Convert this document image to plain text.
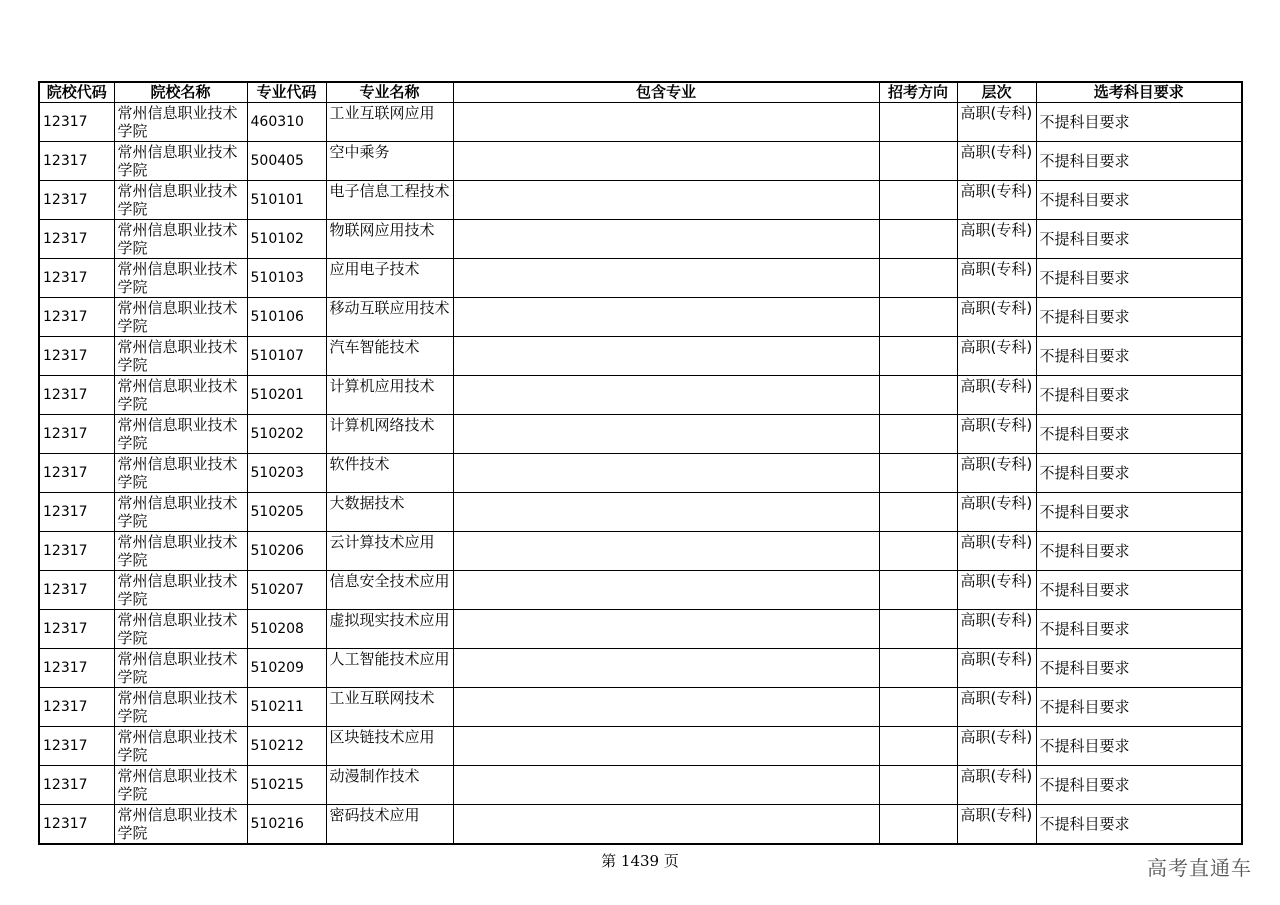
院校代码	院校名称	专业代码	专业名称	包含专业	招考方向	层次	选考科目要求
12317	常州信息职业技术学院	460310	工业互联网应用			高职(专科)	不提科目要求
12317	常州信息职业技术学院	500405	空中乘务			高职(专科)	不提科目要求
12317	常州信息职业技术学院	510101	电子信息工程技术			高职(专科)	不提科目要求
12317	常州信息职业技术学院	510102	物联网应用技术			高职(专科)	不提科目要求
12317	常州信息职业技术学院	510103	应用电子技术			高职(专科)	不提科目要求
12317	常州信息职业技术学院	510106	移动互联应用技术			高职(专科)	不提科目要求
12317	常州信息职业技术学院	510107	汽车智能技术			高职(专科)	不提科目要求
12317	常州信息职业技术学院	510201	计算机应用技术			高职(专科)	不提科目要求
12317	常州信息职业技术学院	510202	计算机网络技术			高职(专科)	不提科目要求
12317	常州信息职业技术学院	510203	软件技术			高职(专科)	不提科目要求
12317	常州信息职业技术学院	510205	大数据技术			高职(专科)	不提科目要求
12317	常州信息职业技术学院	510206	云计算技术应用			高职(专科)	不提科目要求
12317	常州信息职业技术学院	510207	信息安全技术应用			高职(专科)	不提科目要求
12317	常州信息职业技术学院	510208	虚拟现实技术应用			高职(专科)	不提科目要求
12317	常州信息职业技术学院	510209	人工智能技术应用			高职(专科)	不提科目要求
12317	常州信息职业技术学院	510211	工业互联网技术			高职(专科)	不提科目要求
12317	常州信息职业技术学院	510212	区块链技术应用			高职(专科)	不提科目要求
12317	常州信息职业技术学院	510215	动漫制作技术			高职(专科)	不提科目要求
12317	常州信息职业技术学院	510216	密码技术应用			高职(专科)	不提科目要求
第 1439 页	高考直通车
